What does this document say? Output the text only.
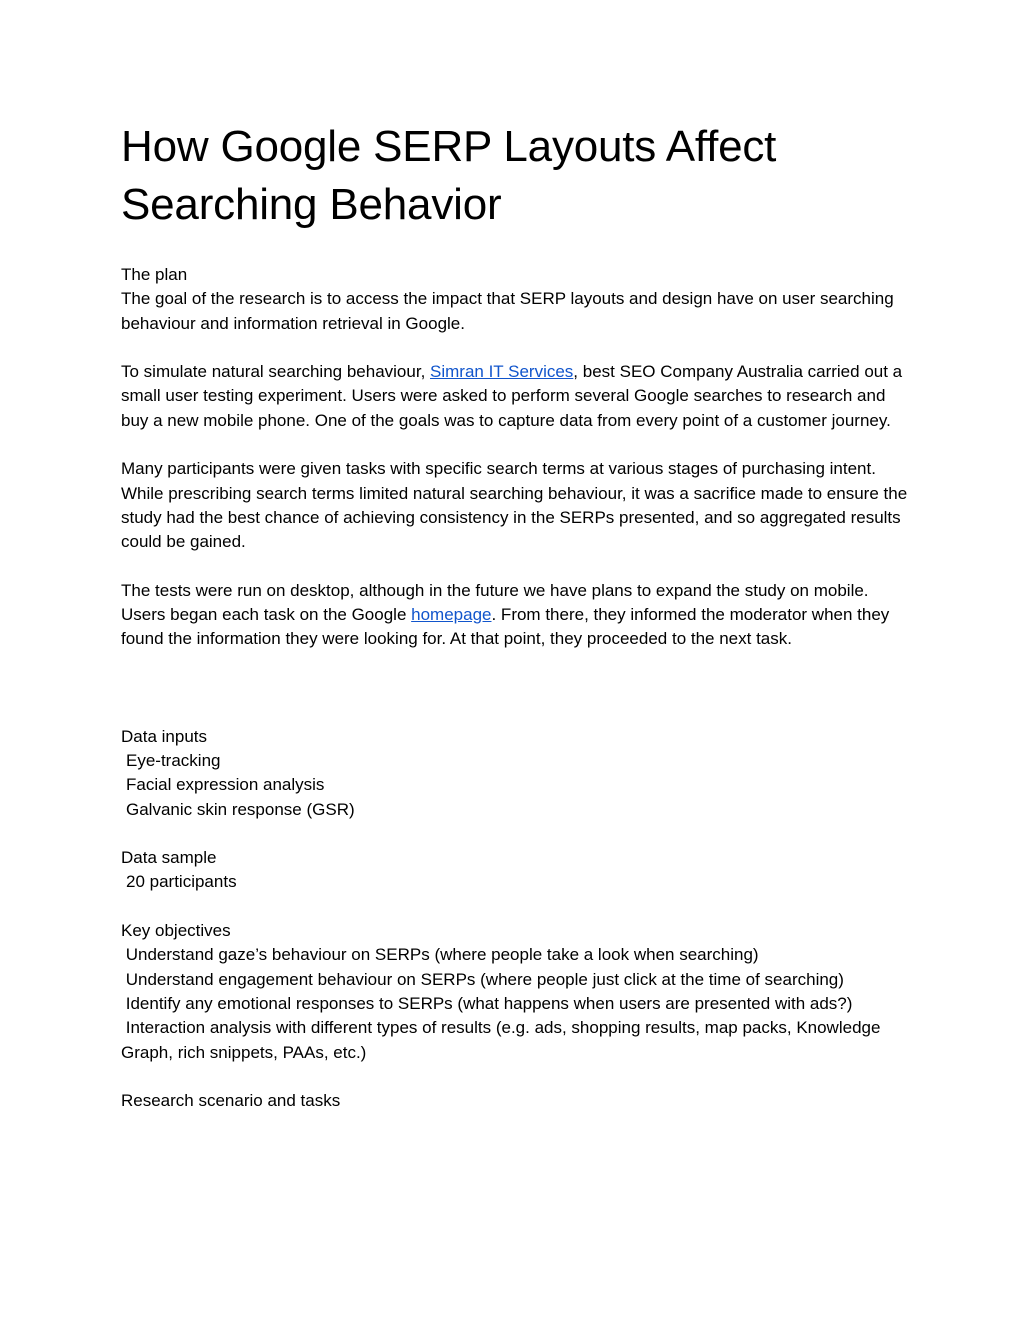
How Google SERP Layouts Affect Searching Behavior

The plan

The goal of the research is to access the impact that SERP layouts and design have on user searching behaviour and information retrieval in Google.

To simulate natural searching behaviour, Simran IT Services, best SEO Company Australia carried out a small user testing experiment. Users were asked to perform several Google searches to research and buy a new mobile phone. One of the goals was to capture data from every point of a customer journey.

Many participants were given tasks with specific search terms at various stages of purchasing intent. While prescribing search terms limited natural searching behaviour, it was a sacrifice made to ensure the study had the best chance of achieving consistency in the SERPs presented, and so aggregated results could be gained.

The tests were run on desktop, although in the future we have plans to expand the study on mobile. Users began each task on the Google homepage. From there, they informed the moderator when they found the information they were looking for. At that point, they proceeded to the next task.

Data inputs

Eye-tracking

Facial expression analysis

Galvanic skin response (GSR)

Data sample

20 participants

Key objectives

Understand gaze’s behaviour on SERPs (where people take a look when searching)

Understand engagement behaviour on SERPs (where people just click at the time of searching)

Identify any emotional responses to SERPs (what happens when users are presented with ads?)

Interaction analysis with different types of results (e.g. ads, shopping results, map packs, Knowledge Graph, rich snippets, PAAs, etc.)

Research scenario and tasks
